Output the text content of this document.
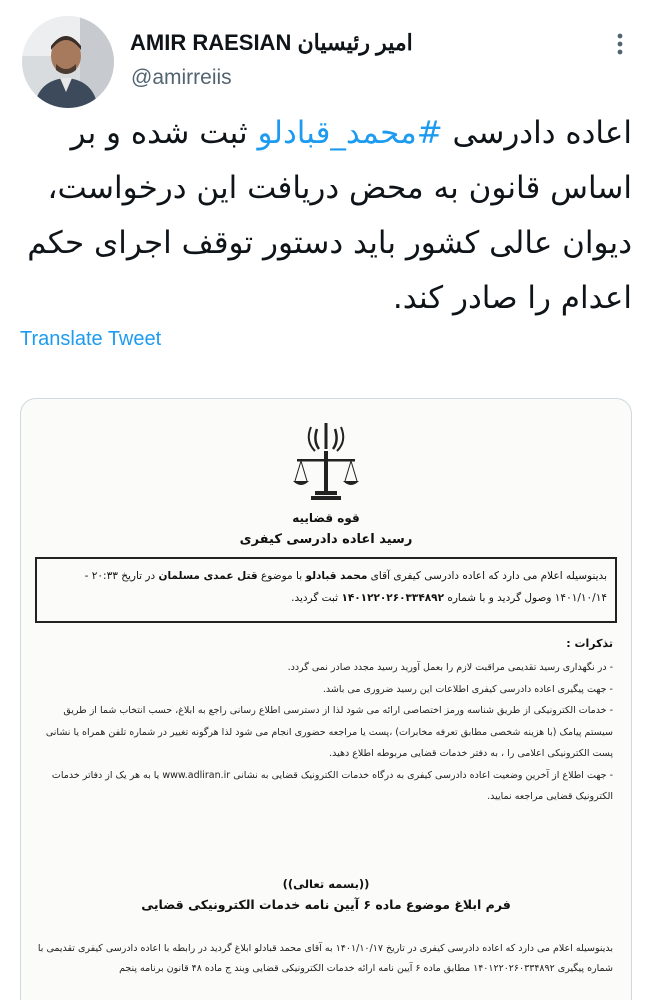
AMIR RAESIAN امیر رئیسیان
@amirreiis
اعاده دادرسی #محمد_قبادلو ثبت شده و بر اساس قانون به محض دریافت این درخواست، دیوان عالی کشور باید دستور توقف اجرای حکم اعدام را صادر کند.
Translate Tweet
قوه قضاییه
رسید اعاده دادرسی کیفری
بدینوسیله اعلام می دارد که اعاده دادرسی کیفری آقای محمد قبادلو با موضوع قتل عمدی مسلمان در تاریخ ۲۰:۳۳ - ۱۴۰۱/۱۰/۱۴ وصول گردید و با شماره ۱۴۰۱۲۲۰۲۶۰۳۳۴۸۹۲ ثبت گردید.
تذکرات :
- در نگهداری رسید تقدیمی مراقبت لازم را بعمل آورید رسید مجدد صادر نمی گردد.
- جهت پیگیری اعاده دادرسی کیفری اطلاعات این رسید ضروری می باشد.
- خدمات الکترونیکی از طریق شناسه ورمز اختصاصی ارائه می شود لذا از دسترسی اطلاع رسانی راجع به ابلاغ، حسب انتخاب شما از طریق سیستم پیامک (با هزینه شخصی مطابق تعرفه مخابرات) ،پست یا مراجعه حضوری انجام می شود لذا هرگونه تغییر در شماره تلفن همراه یا نشانی پست الکترونیکی اعلامی را ، به دفتر خدمات قضایی مربوطه اطلاع دهید.
- جهت اطلاع از آخرین وضعیت اعاده دادرسی کیفری به درگاه خدمات الکترونیک قضایی به نشانی www.adliran.ir یا به هر یک از دفاتر خدمات الکترونیک قضایی مراجعه نمایید.
((بسمه تعالی))
فرم ابلاغ موضوع ماده ۶ آیین نامه خدمات الکترونیکی قضایی
بدینوسیله اعلام می دارد که اعاده دادرسی کیفری در تاریخ ۱۴۰۱/۱۰/۱۷ به آقای محمد قبادلو ابلاغ گردید در رابطه با اعاده دادرسی کیفری تقدیمی با شماره پیگیری ۱۴۰۱۲۲۰۲۶۰۳۳۴۸۹۲ مطابق ماده ۶ آیین نامه ارائه خدمات الکترونیکی قضایی وبند ج ماده ۴۸ قانون برنامه پنجم
